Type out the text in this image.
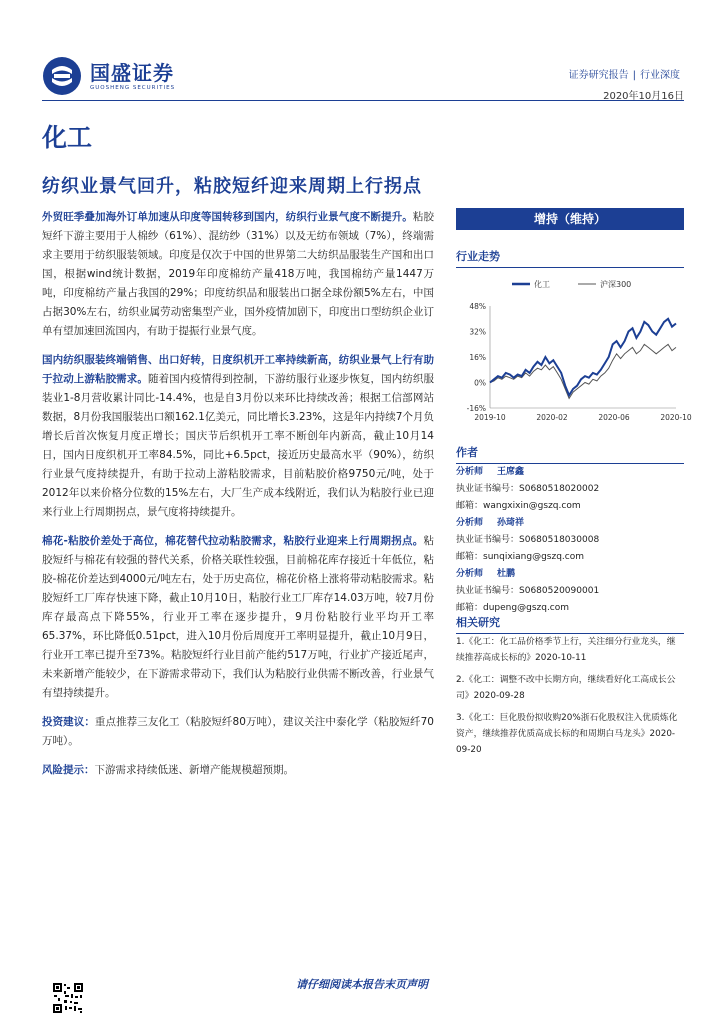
国盛证券
GUOSHENG SECURITIES
证券研究报告 | 行业深度
2020年10月16日
化工
纺织业景气回升，粘胶短纤迎来周期上行拐点

外贸旺季叠加海外订单加速从印度等国转移到国内，纺织行业景气度不断提升。粘胶短纤下游主要用于人棉纱（61%）、混纺纱（31%）以及无纺布领域（7%），终端需求主要用于纺织服装领域。印度是仅次于中国的世界第二大纺织品服装生产国和出口国，根据wind统计数据，2019年印度棉纺产量418万吨，我国棉纺产量1447万吨，印度棉纺产量占我国的29%；印度纺织品和服装出口据全球份额5%左右，中国占据30%左右，纺织业属劳动密集型产业，国外疫情加剧下，印度出口型纺织企业订单有望加速回流国内，有助于提振行业景气度。

国内纺织服装终端销售、出口好转，日度织机开工率持续新高，纺织业景气上行有助于拉动上游粘胶需求。随着国内疫情得到控制，下游纺服行业逐步恢复，国内纺织服装业1-8月营收累计同比-14.4%，也是自3月份以来环比持续改善；根据工信部网站数据，8月份我国服装出口额162.1亿美元，同比增长3.23%，这是年内持续7个月负增长后首次恢复月度正增长；国庆节后织机开工率不断创年内新高，截止10月14日，国内日度织机开工率84.5%，同比+6.5pct，接近历史最高水平（90%），纺织行业景气度持续提升，有助于拉动上游粘胶需求，目前粘胶价格9750元/吨，处于2012年以来价格分位数的15%左右，大厂生产成本线附近，我们认为粘胶行业已迎来行业上行周期拐点，景气度将持续提升。

棉花-粘胶价差处于高位，棉花替代拉动粘胶需求，粘胶行业迎来上行周期拐点。粘胶短纤与棉花有较强的替代关系，价格关联性较强，目前棉花库存接近十年低位，粘胶-棉花价差达到4000元/吨左右，处于历史高位，棉花价格上涨将带动粘胶需求。粘胶短纤工厂库存快速下降，截止10月10日，粘胶行业工厂库存14.03万吨，较7月份库存最高点下降55%，行业开工率在逐步提升，9月份粘胶行业平均开工率65.37%，环比降低0.51pct，进入10月份后周度开工率明显提升，截止10月9日，行业开工率已提升至73%。粘胶短纤行业目前产能约517万吨，行业扩产接近尾声，未来新增产能较少，在下游需求带动下，我们认为粘胶行业供需不断改善，行业景气有望持续提升。

投资建议：重点推荐三友化工（粘胶短纤80万吨），建议关注中泰化学（粘胶短纤70万吨）。

风险提示：下游需求持续低迷、新增产能规模超预期。

增持（维持）
行业走势
化工	沪深300
48%
32%
16%
0%
-16%
2019-10	2020-02	2020-06	2020-10
作者
分析师 王席鑫
执业证书编号：S0680518020002
邮箱：wangxixin@gszq.com
分析师 孙琦祥
执业证书编号：S0680518030008
邮箱：sunqixiang@gszq.com
分析师 杜鹏
执业证书编号：S0680520090001
邮箱：dupeng@gszq.com
相关研究
1.《化工：化工品价格季节上行，关注细分行业龙头，继续推荐高成长标的》2020-10-11
2.《化工：调整不改中长期方向，继续看好化工高成长公司》2020-09-28
3.《化工：巨化股份拟收购20%浙石化股权注入优质炼化资产，继续推荐优质高成长标的和周期白马龙头》2020-09-20
请仔细阅读本报告末页声明
